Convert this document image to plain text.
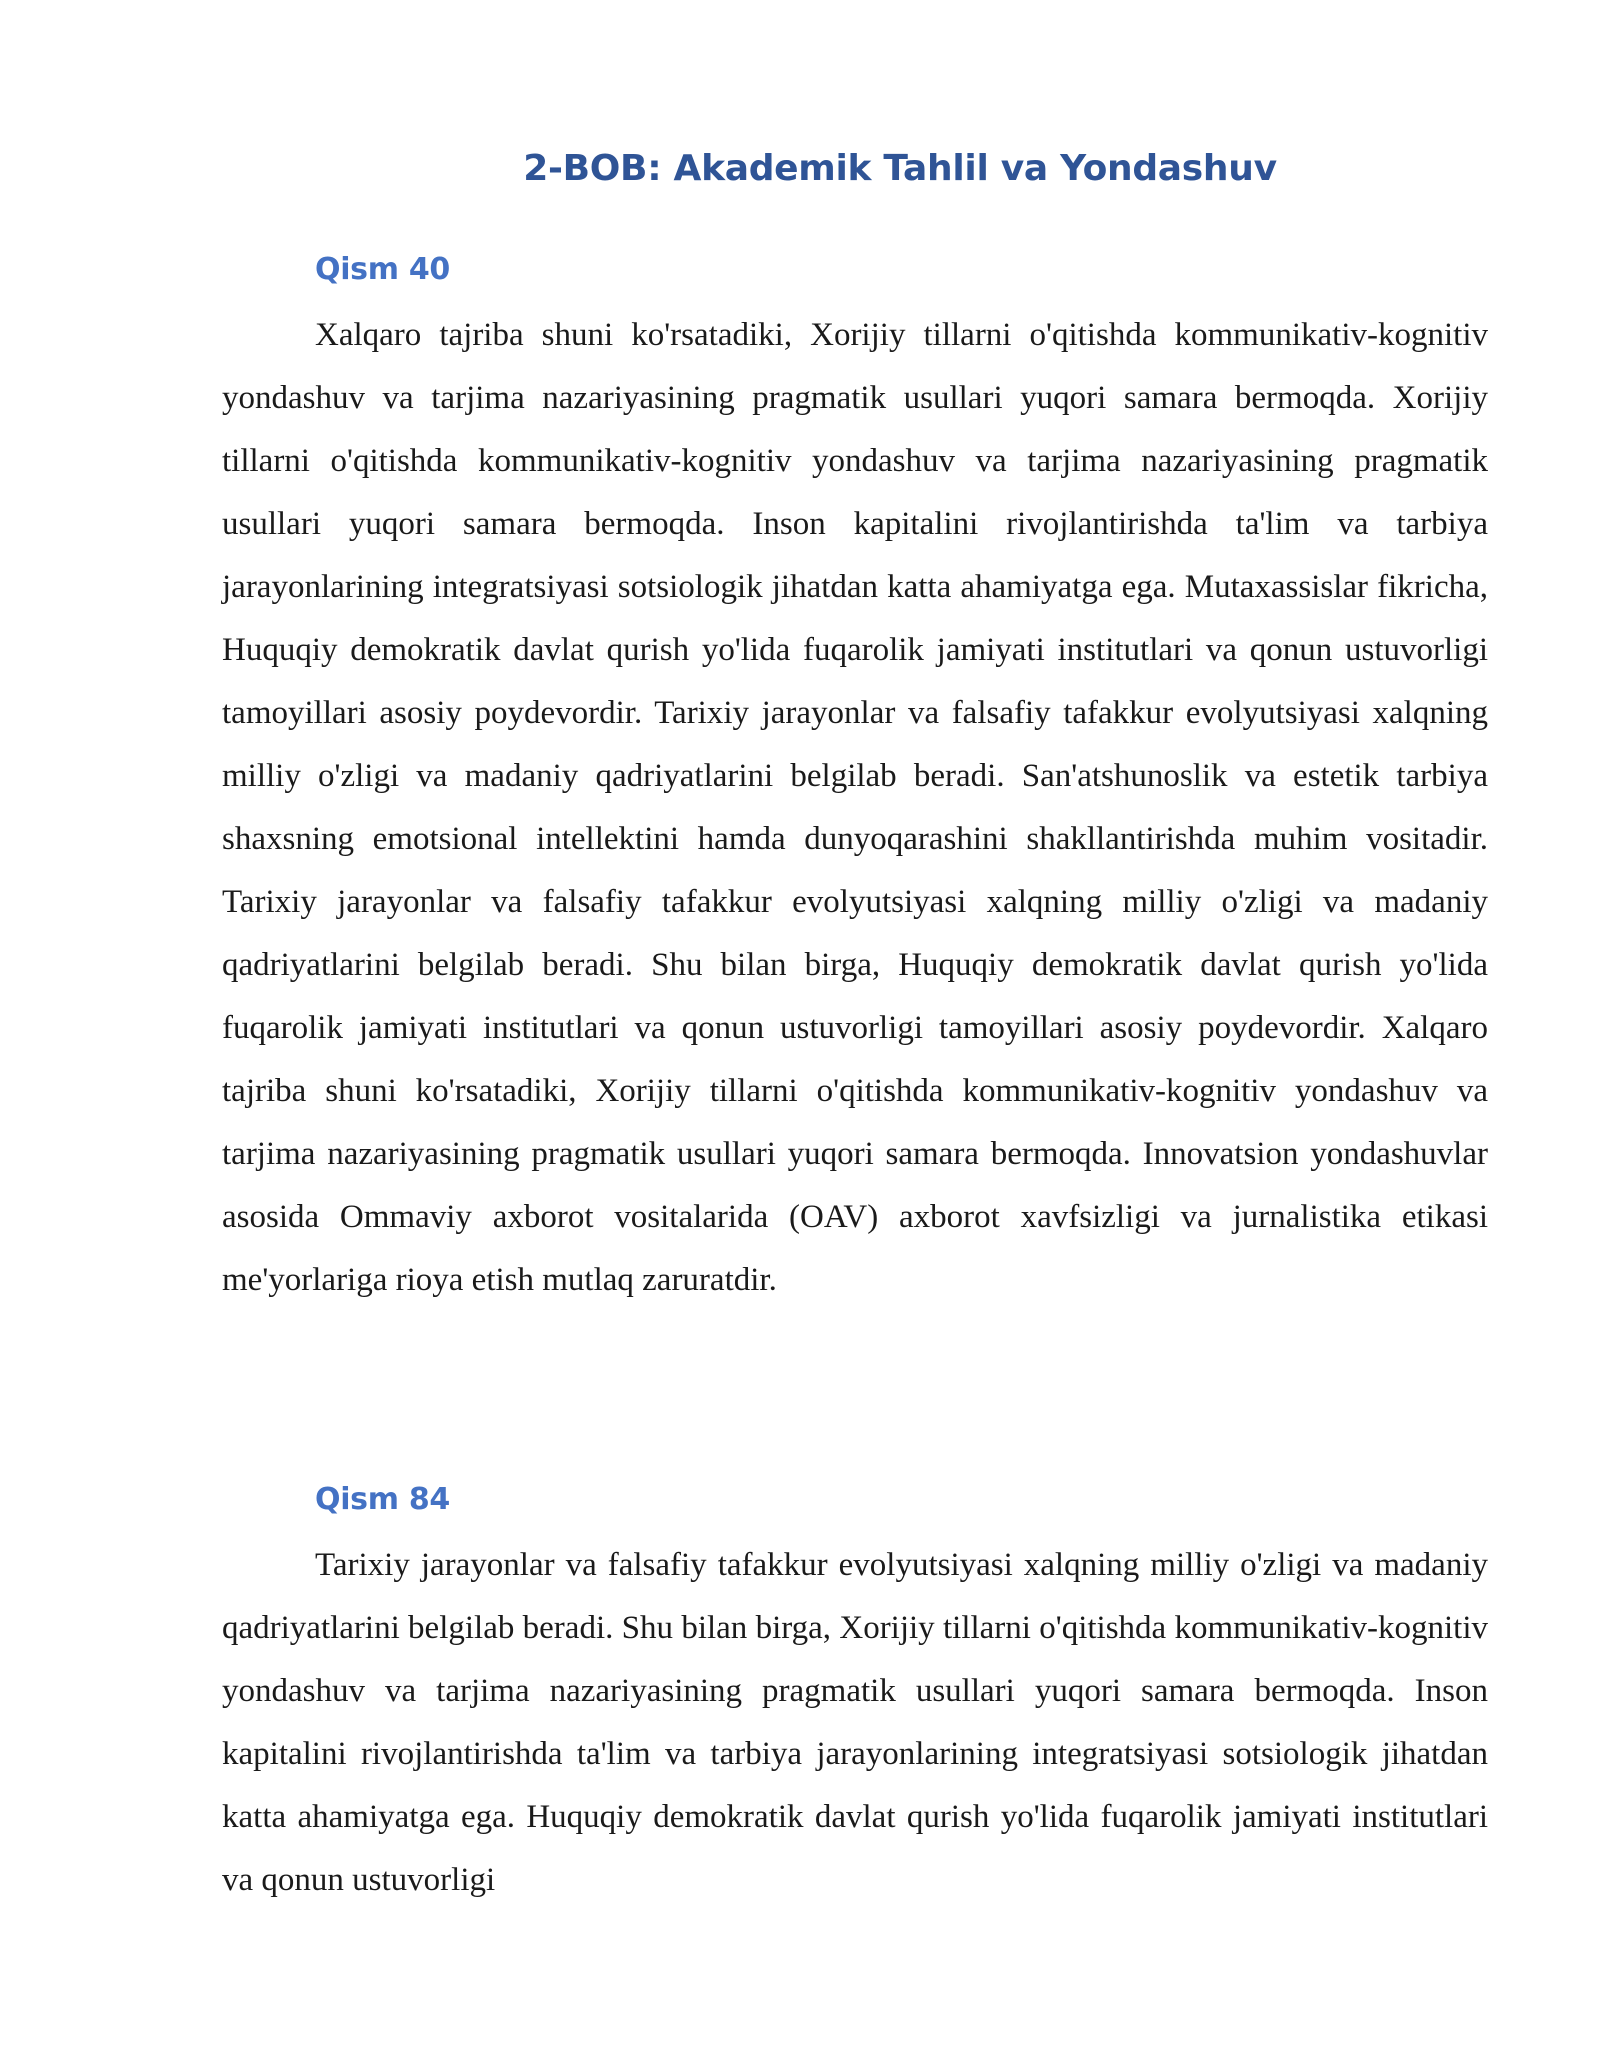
2-BOB: Akademik Tahlil va Yondashuv
Qism 40

Xalqaro tajriba shuni ko'rsatadiki, Xorijiy tillarni o'qitishda kommunikativ-kognitiv yondashuv va tarjima nazariyasining pragmatik usullari yuqori samara bermoqda. Xorijiy tillarni o'qitishda kommunikativ-kognitiv yondashuv va tarjima nazariyasining pragmatik usullari yuqori samara bermoqda. Inson kapitalini rivojlantirishda ta'lim va tarbiya jarayonlarining integratsiyasi sotsiologik jihatdan katta ahamiyatga ega. Mutaxassislar fikricha, Huquqiy demokratik davlat qurish yo'lida fuqarolik jamiyati institutlari va qonun ustuvorligi tamoyillari asosiy poydevordir. Tarixiy jarayonlar va falsafiy tafakkur evolyutsiyasi xalqning milliy o'zligi va madaniy qadriyatlarini belgilab beradi. San'atshunoslik va estetik tarbiya shaxsning emotsional intellektini hamda dunyoqarashini shakllantirishda muhim vositadir. Tarixiy jarayonlar va falsafiy tafakkur evolyutsiyasi xalqning milliy o'zligi va madaniy qadriyatlarini belgilab beradi. Shu bilan birga, Huquqiy demokratik davlat qurish yo'lida fuqarolik jamiyati institutlari va qonun ustuvorligi tamoyillari asosiy poydevordir. Xalqaro tajriba shuni ko'rsatadiki, Xorijiy tillarni o'qitishda kommunikativ-kognitiv yondashuv va tarjima nazariyasining pragmatik usullari yuqori samara bermoqda. Innovatsion yondashuvlar asosida Ommaviy axborot vositalarida (OAV) axborot xavfsizligi va jurnalistika etikasi me'yorlariga rioya etish mutlaq zaruratdir.

Qism 84

Tarixiy jarayonlar va falsafiy tafakkur evolyutsiyasi xalqning milliy o'zligi va madaniy qadriyatlarini belgilab beradi. Shu bilan birga, Xorijiy tillarni o'qitishda kommunikativ-kognitiv yondashuv va tarjima nazariyasining pragmatik usullari yuqori samara bermoqda. Inson kapitalini rivojlantirishda ta'lim va tarbiya jarayonlarining integratsiyasi sotsiologik jihatdan katta ahamiyatga ega. Huquqiy demokratik davlat qurish yo'lida fuqarolik jamiyati institutlari va qonun ustuvorligi
